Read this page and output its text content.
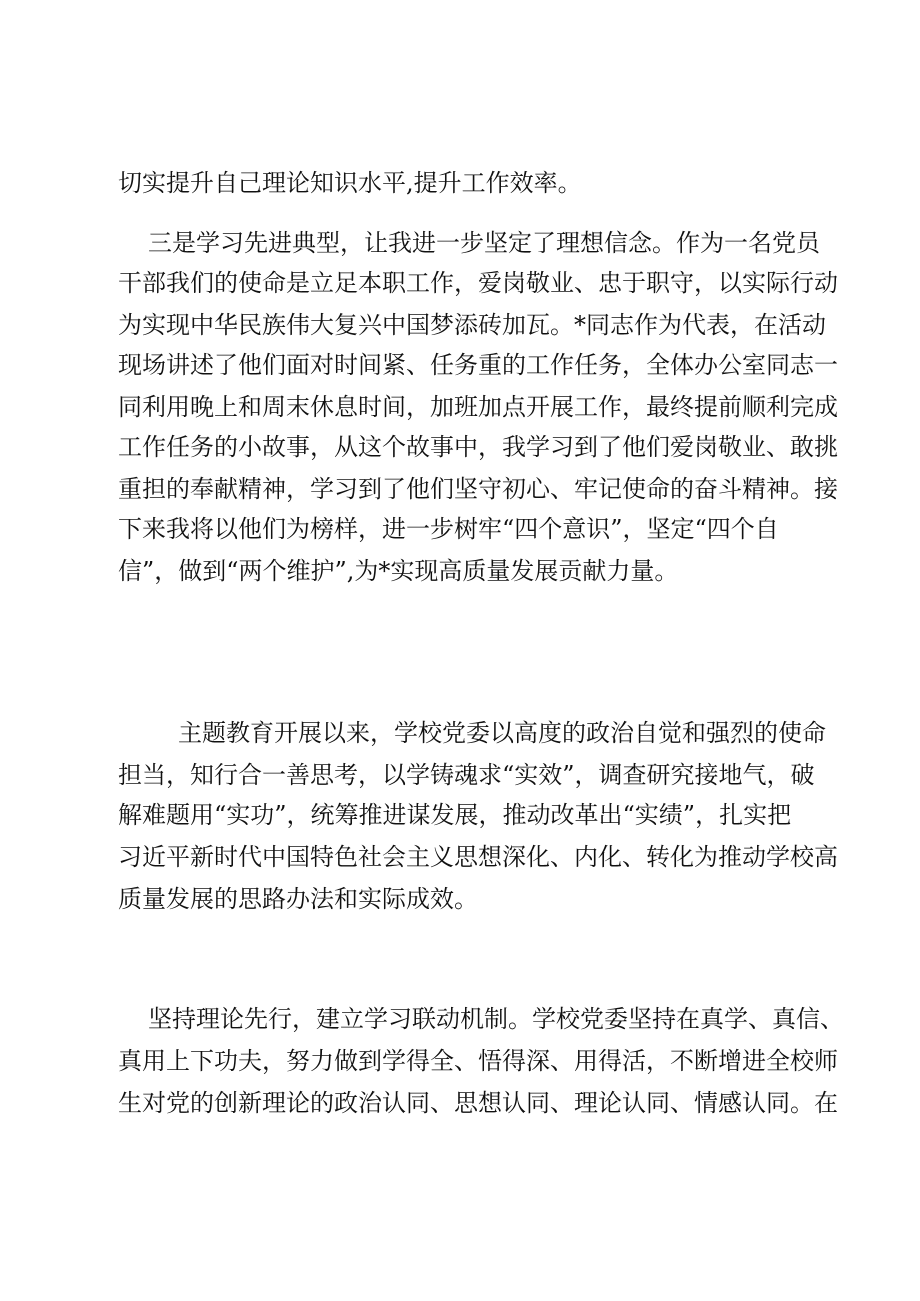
切实提升自己理论知识水平,提升工作效率。
三是学习先进典型，让我进一步坚定了理想信念。作为一名党员
干部我们的使命是立足本职工作，爱岗敬业、忠于职守，以实际行动
为实现中华民族伟大复兴中国梦添砖加瓦。*同志作为代表，在活动
现场讲述了他们面对时间紧、任务重的工作任务，全体办公室同志一
同利用晚上和周末休息时间，加班加点开展工作，最终提前顺利完成
工作任务的小故事，从这个故事中，我学习到了他们爱岗敬业、敢挑
重担的奉献精神，学习到了他们坚守初心、牢记使命的奋斗精神。接
下来我将以他们为榜样，进一步树牢“四个意识”，坚定“四个自
信”，做到“两个维护”,为*实现高质量发展贡献力量。
主题教育开展以来，学校党委以高度的政治自觉和强烈的使命
担当，知行合一善思考，以学铸魂求“实效”，调查研究接地气，破
解难题用“实功”，统筹推进谋发展，推动改革出“实绩”，扎实把
习近平新时代中国特色社会主义思想深化、内化、转化为推动学校高
质量发展的思路办法和实际成效。
坚持理论先行，建立学习联动机制。学校党委坚持在真学、真信、
真用上下功夫，努力做到学得全、悟得深、用得活，不断增进全校师
生对党的创新理论的政治认同、思想认同、理论认同、情感认同。在
